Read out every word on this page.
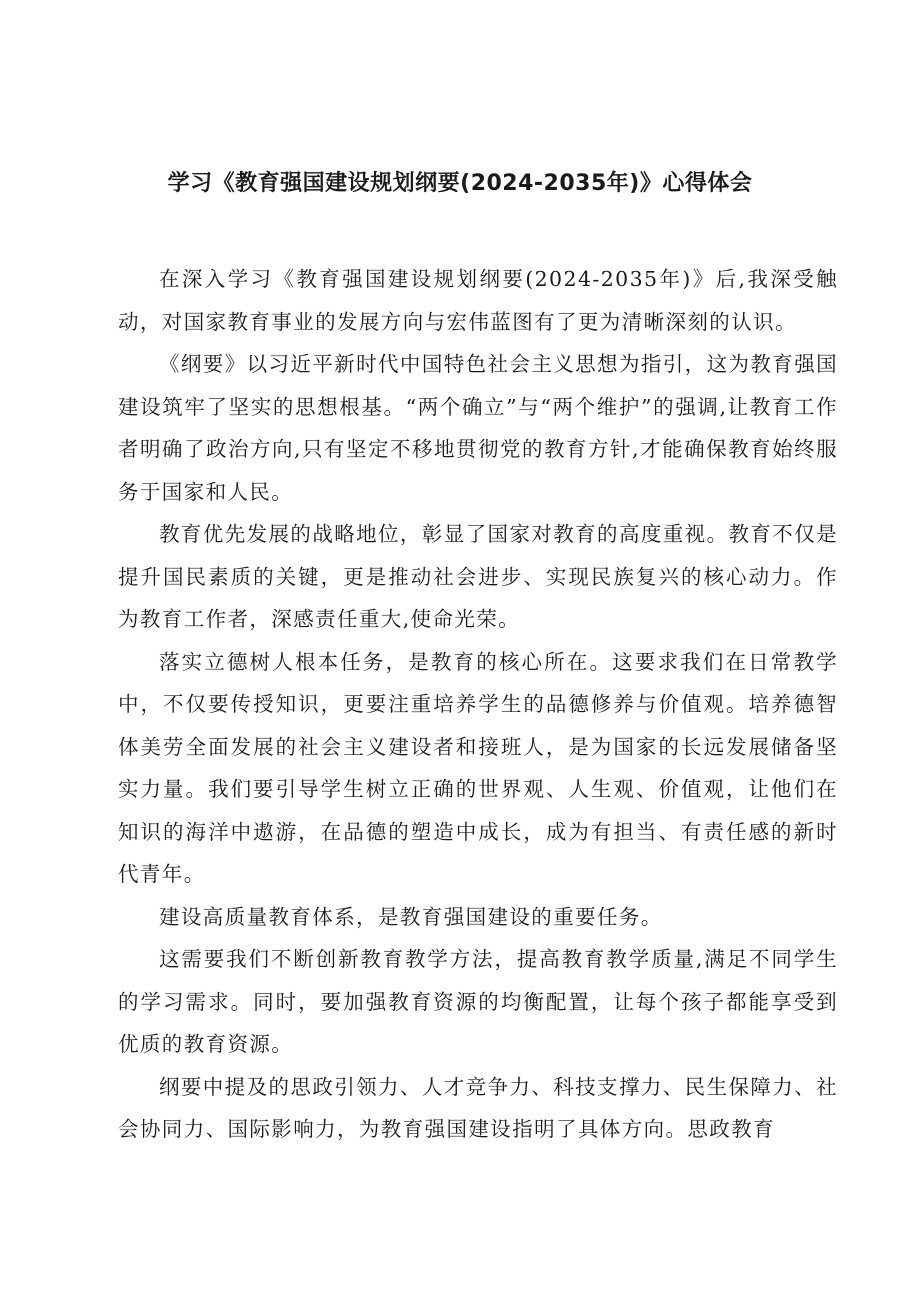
学习《教育强国建设规划纲要(2024-2035年)》心得体会

在深入学习《教育强国建设规划纲要(2024-2035年)》后,我深受触动，对国家教育事业的发展方向与宏伟蓝图有了更为清晰深刻的认识。

《纲要》以习近平新时代中国特色社会主义思想为指引，这为教育强国建设筑牢了坚实的思想根基。“两个确立”与“两个维护”的强调,让教育工作者明确了政治方向,只有坚定不移地贯彻党的教育方针,才能确保教育始终服务于国家和人民。

教育优先发展的战略地位，彰显了国家对教育的高度重视。教育不仅是提升国民素质的关键，更是推动社会进步、实现民族复兴的核心动力。作为教育工作者，深感责任重大,使命光荣。

落实立德树人根本任务，是教育的核心所在。这要求我们在日常教学中，不仅要传授知识，更要注重培养学生的品德修养与价值观。培养德智体美劳全面发展的社会主义建设者和接班人，是为国家的长远发展储备坚实力量。我们要引导学生树立正确的世界观、人生观、价值观，让他们在知识的海洋中遨游，在品德的塑造中成长，成为有担当、有责任感的新时代青年。

建设高质量教育体系，是教育强国建设的重要任务。

这需要我们不断创新教育教学方法，提高教育教学质量,满足不同学生的学习需求。同时，要加强教育资源的均衡配置，让每个孩子都能享受到优质的教育资源。

纲要中提及的思政引领力、人才竞争力、科技支撑力、民生保障力、社会协同力、国际影响力，为教育强国建设指明了具体方向。思政教育
